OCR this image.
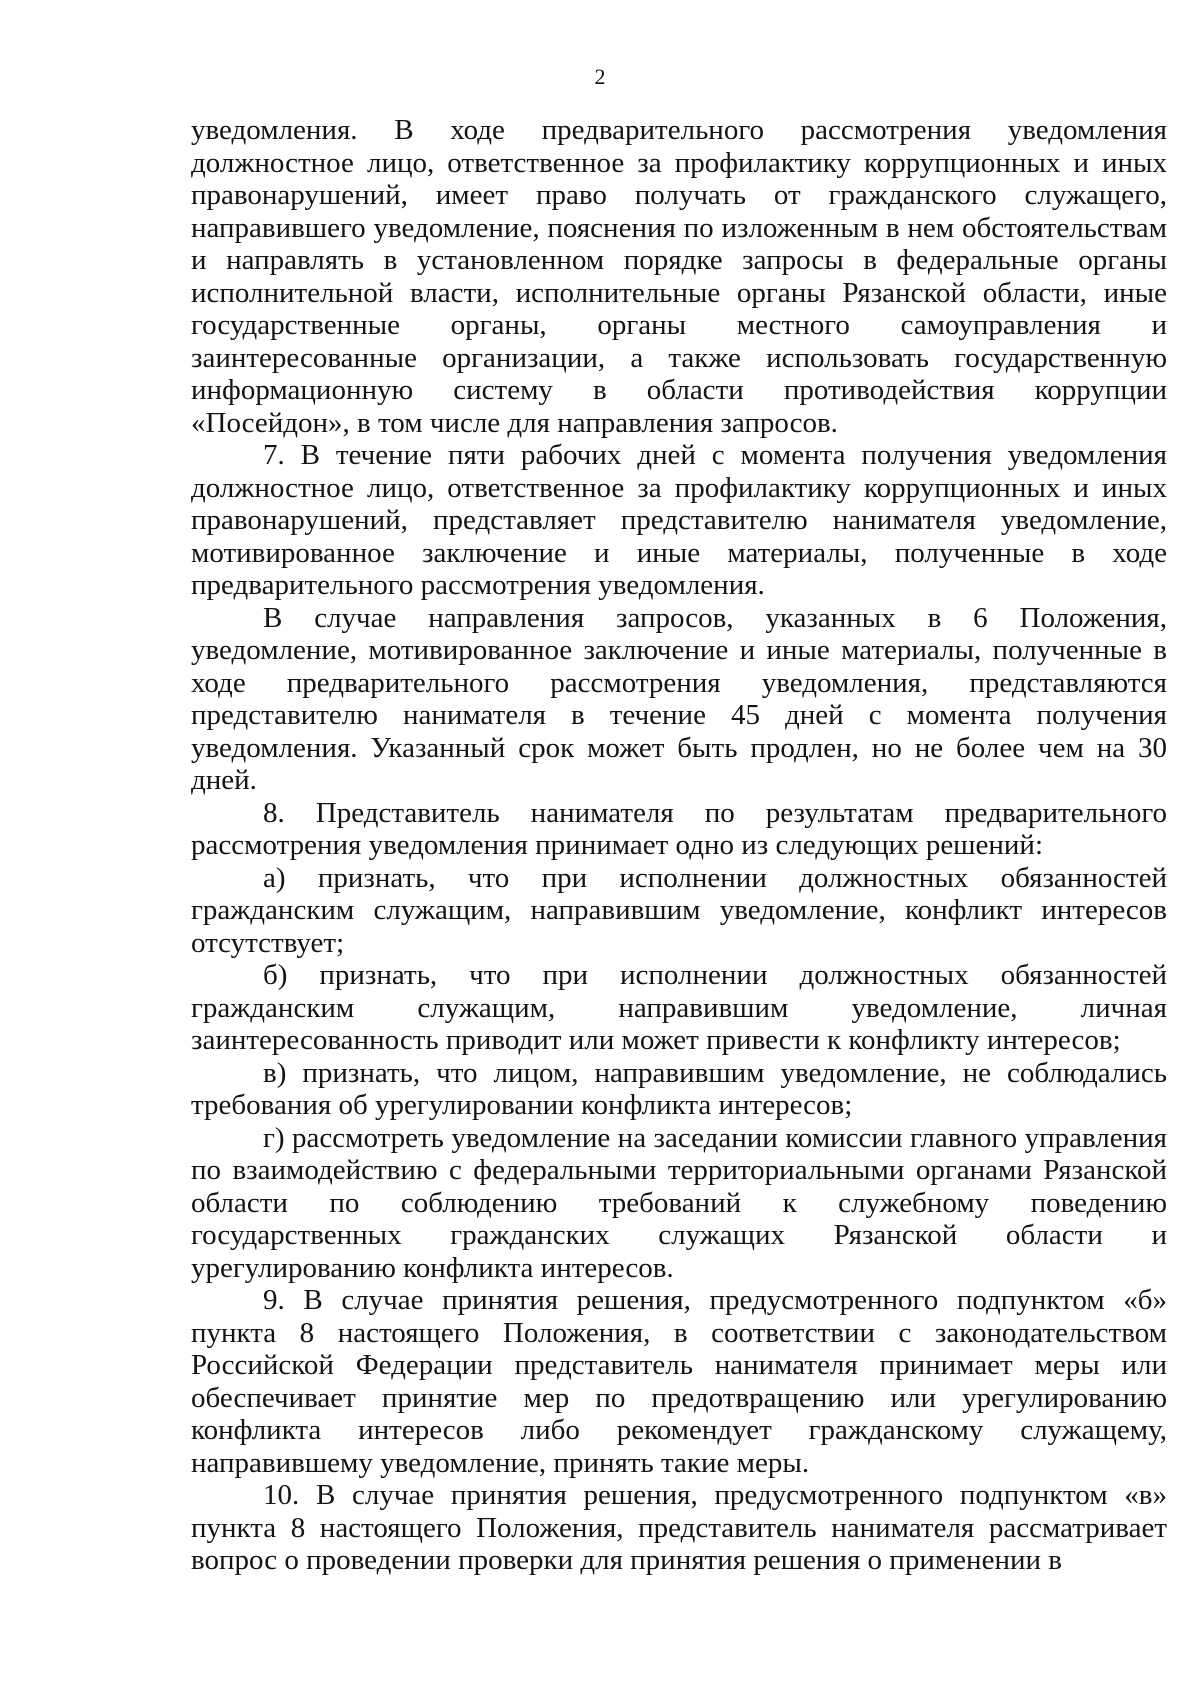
2

уведомления. В ходе предварительного рассмотрения уведомления должностное лицо, ответственное за профилактику коррупционных и иных правонарушений, имеет право получать от гражданского служащего, направившего уведомление, пояснения по изложенным в нем обстоятельствам и направлять в установленном порядке запросы в федеральные органы исполнительной власти, исполнительные органы Рязанской области, иные государственные органы, органы местного самоуправления и заинтересованные организации, а также использовать государственную информационную систему в области противодействия коррупции «Посейдон», в том числе для направления запросов.

7. В течение пяти рабочих дней с момента получения уведомления должностное лицо, ответственное за профилактику коррупционных и иных правонарушений, представляет представителю нанимателя уведомление, мотивированное заключение и иные материалы, полученные в ходе предварительного рассмотрения уведомления.

В случае направления запросов, указанных в 6 Положения, уведомление, мотивированное заключение и иные материалы, полученные в ходе предварительного рассмотрения уведомления, представляются представителю нанимателя в течение 45 дней с момента получения уведомления. Указанный срок может быть продлен, но не более чем на 30 дней.

8. Представитель нанимателя по результатам предварительного рассмотрения уведомления принимает одно из следующих решений:

а) признать, что при исполнении должностных обязанностей гражданским служащим, направившим уведомление, конфликт интересов отсутствует;

б) признать, что при исполнении должностных обязанностей гражданским служащим, направившим уведомление, личная заинтересованность приводит или может привести к конфликту интересов;

в) признать, что лицом, направившим уведомление, не соблюдались требования об урегулировании конфликта интересов;

г) рассмотреть уведомление на заседании комиссии главного управления по взаимодействию с федеральными территориальными органами Рязанской области по соблюдению требований к служебному поведению государственных гражданских служащих Рязанской области и урегулированию конфликта интересов.

9. В случае принятия решения, предусмотренного подпунктом «б» пункта 8 настоящего Положения, в соответствии с законодательством Российской Федерации представитель нанимателя принимает меры или обеспечивает принятие мер по предотвращению или урегулированию конфликта интересов либо рекомендует гражданскому служащему, направившему уведомление, принять такие меры.

10. В случае принятия решения, предусмотренного подпунктом «в» пункта 8 настоящего Положения, представитель нанимателя рассматривает вопрос о проведении проверки для принятия решения о применении в
